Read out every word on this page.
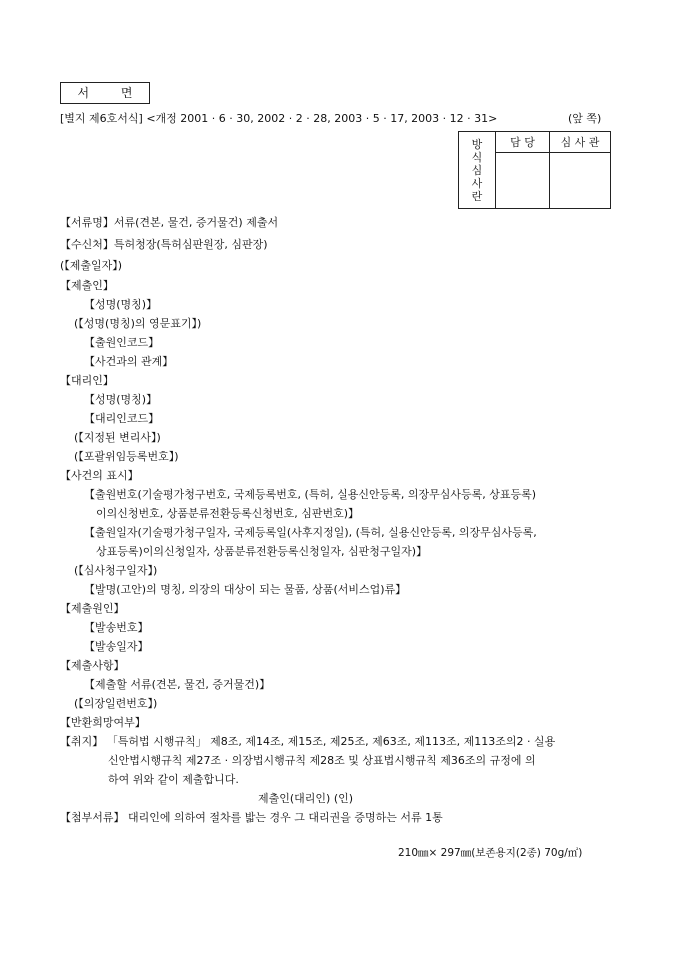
서 면
[별지 제6호서식] <개정 2001 · 6 · 30, 2002 · 2 · 28, 2003 · 5 · 17, 2003 · 12 · 31>	(앞 쪽)
방
식
심
사
란	담 당	심 사 관

【서류명】서류(견본, 물건, 증거물건) 제출서
【수신처】특허청장(특허심판원장, 심판장)
(【제출일자】)
【제출인】
【성명(명칭)】
(【성명(명칭)의 영문표기】)
【출원인코드】
【사건과의 관계】
【대리인】
【성명(명칭)】
【대리인코드】
(【지정된 변리사】)
(【포괄위임등록번호】)
【사건의 표시】
【출원번호(기술평가청구번호, 국제등록번호, (특허, 실용신안등록, 의장무심사등록, 상표등록)
이의신청번호, 상품분류전환등록신청번호, 심판번호)】
【출원일자(기술평가청구일자, 국제등록일(사후지정일), (특허, 실용신안등록, 의장무심사등록,
상표등록)이의신청일자, 상품분류전환등록신청일자, 심판청구일자)】
(【심사청구일자】)
【발명(고안)의 명칭, 의장의 대상이 되는 물품, 상품(서비스업)류】
【제출원인】
【발송번호】
【발송일자】
【제출사항】
【제출할 서류(견본, 물건, 증거물건)】
(【의장일련번호】)
【반환희망여부】
【취지】 「특허법 시행규칙」 제8조, 제14조, 제15조, 제25조, 제63조, 제113조, 제113조의2 · 실용
신안법시행규칙 제27조 · 의장법시행규칙 제28조 및 상표법시행규칙 제36조의 규정에 의
하여 위와 같이 제출합니다.
제출인(대리인) (인)
【첨부서류】 대리인에 의하여 절차를 밟는 경우 그 대리권을 증명하는 서류 1통
210㎜× 297㎜(보존용지(2종) 70g/㎡)
